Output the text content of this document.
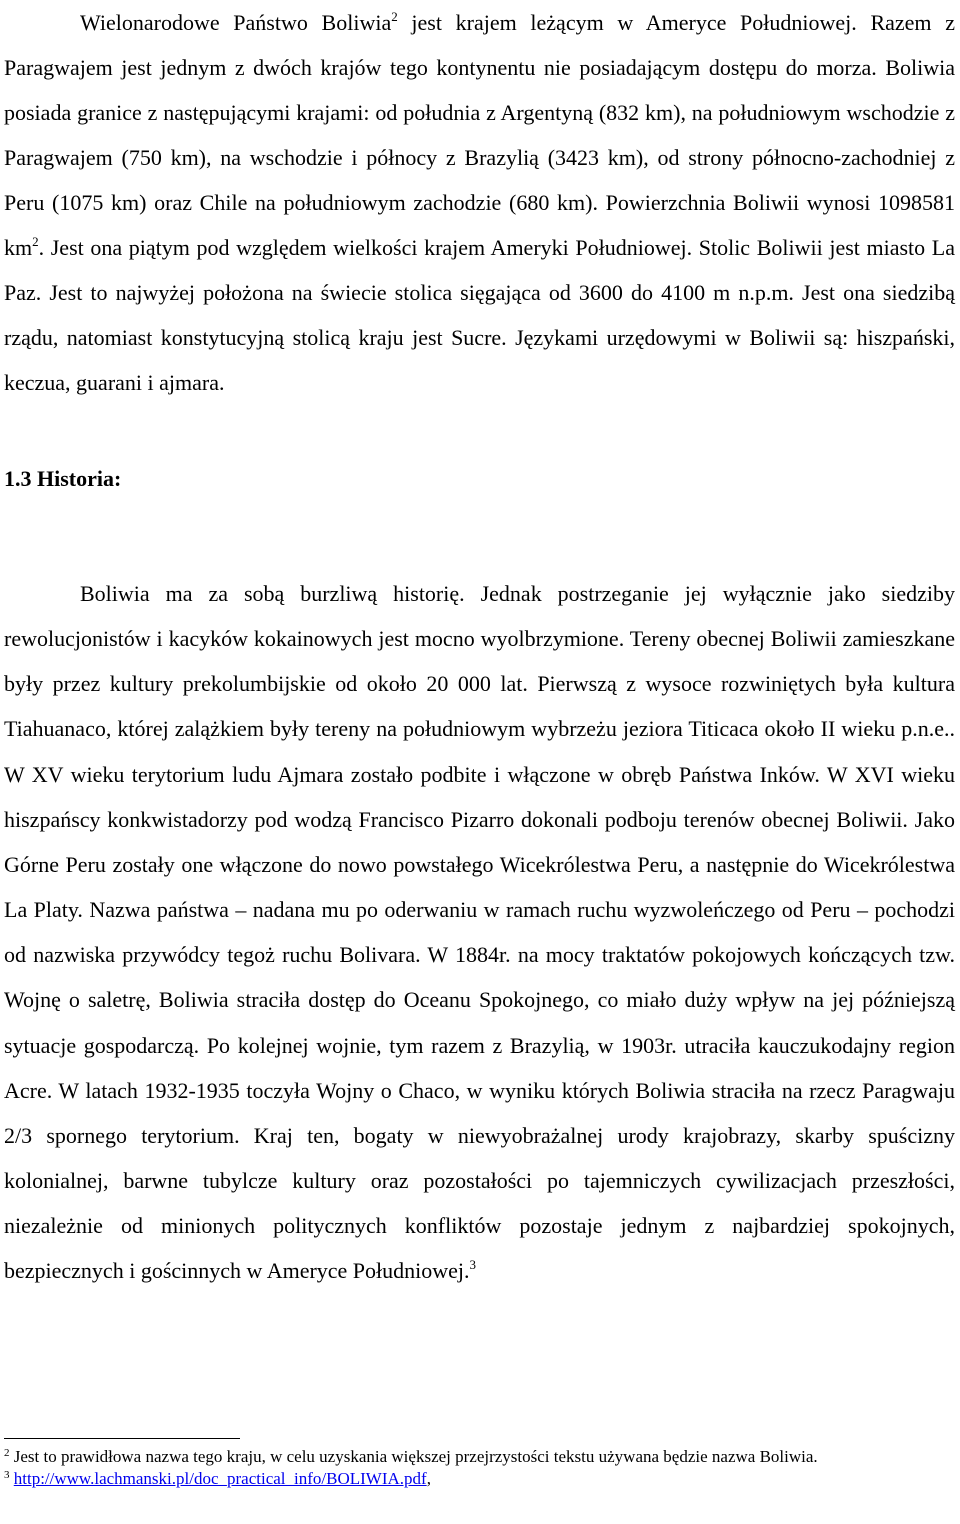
Wielonarodowe Państwo Boliwia$^2$ jest krajem leżącym w Ameryce Południowej. Razem z Paragwajem jest jednym z dwóch krajów tego kontynentu nie posiadającym dostępu do morza. Boliwia posiada granice z następującymi krajami: od południa z Argentyną (832 km), na południowym wschodzie z Paragwajem (750 km), na wschodzie i północy z Brazylią (3423 km), od strony północno-zachodniej z Peru (1075 km) oraz Chile na południowym zachodzie (680 km). Powierzchnia Boliwii wynosi 1098581 $km^2$. Jest ona piątym pod względem wielkości krajem Ameryki Południowej. Stolic Boliwii jest miasto La Paz. Jest to najwyżej położona na świecie stolica sięgająca od 3600 do 4100 m n.p.m. Jest ona siedzibą rządu, natomiast konstytucyjną stolicą kraju jest Sucre. Językami urzędowymi w Boliwii są: hiszpański, keczua, guarani i ajmara.

1.3 Historia:

Boliwia ma za sobą burzliwą historię. Jednak postrzeganie jej wyłącznie jako siedziby rewolucjonistów i kacyków kokainowych jest mocno wyolbrzymione. Tereny obecnej Boliwii zamieszkane były przez kultury prekolumbijskie od około 20 000 lat. Pierwszą z wysoce rozwiniętych była kultura Tiahuanaco, której zalążkiem były tereny na południowym wybrzeżu jeziora Titicaca około II wieku p.n.e.. W XV wieku terytorium ludu Ajmara zostało podbite i włączone w obręb Państwa Inków. W XVI wieku hiszpańscy konkwistadorzy pod wodzą Francisco Pizarro dokonali podboju terenów obecnej Boliwii. Jako Górne Peru zostały one włączone do nowo powstałego Wicekrólestwa Peru, a następnie do Wicekrólestwa La Platy. Nazwa państwa – nadana mu po oderwaniu w ramach ruchu wyzwoleńczego od Peru – pochodzi od nazwiska przywódcy tegoż ruchu Bolivara. W 1884r. na mocy traktatów pokojowych kończących tzw. Wojnę o saletrę, Boliwia straciła dostęp do Oceanu Spokojnego, co miało duży wpływ na jej późniejszą sytuacje gospodarczą. Po kolejnej wojnie, tym razem z Brazylią, w 1903r. utraciła kauczukodajny region Acre. W latach 1932-1935 toczyła Wojny o Chaco, w wyniku których Boliwia straciła na rzecz Paragwaju 2/3 spornego terytorium. Kraj ten, bogaty w niewyobrażalnej urody krajobrazy, skarby spuścizny kolonialnej, barwne tubylcze kultury oraz pozostałości po tajemniczych cywilizacjach przeszłości, niezależnie od minionych politycznych konfliktów pozostaje jednym z najbardziej spokojnych, bezpiecznych i gościnnych w Ameryce Południowej.$^3$

$^2$ Jest to prawidłowa nazwa tego kraju, w celu uzyskania większej przejrzystości tekstu używana będzie nazwa Boliwia.

$^3$ http://www.lachmanski.pl/doc_practical_info/BOLIWIA.pdf,
